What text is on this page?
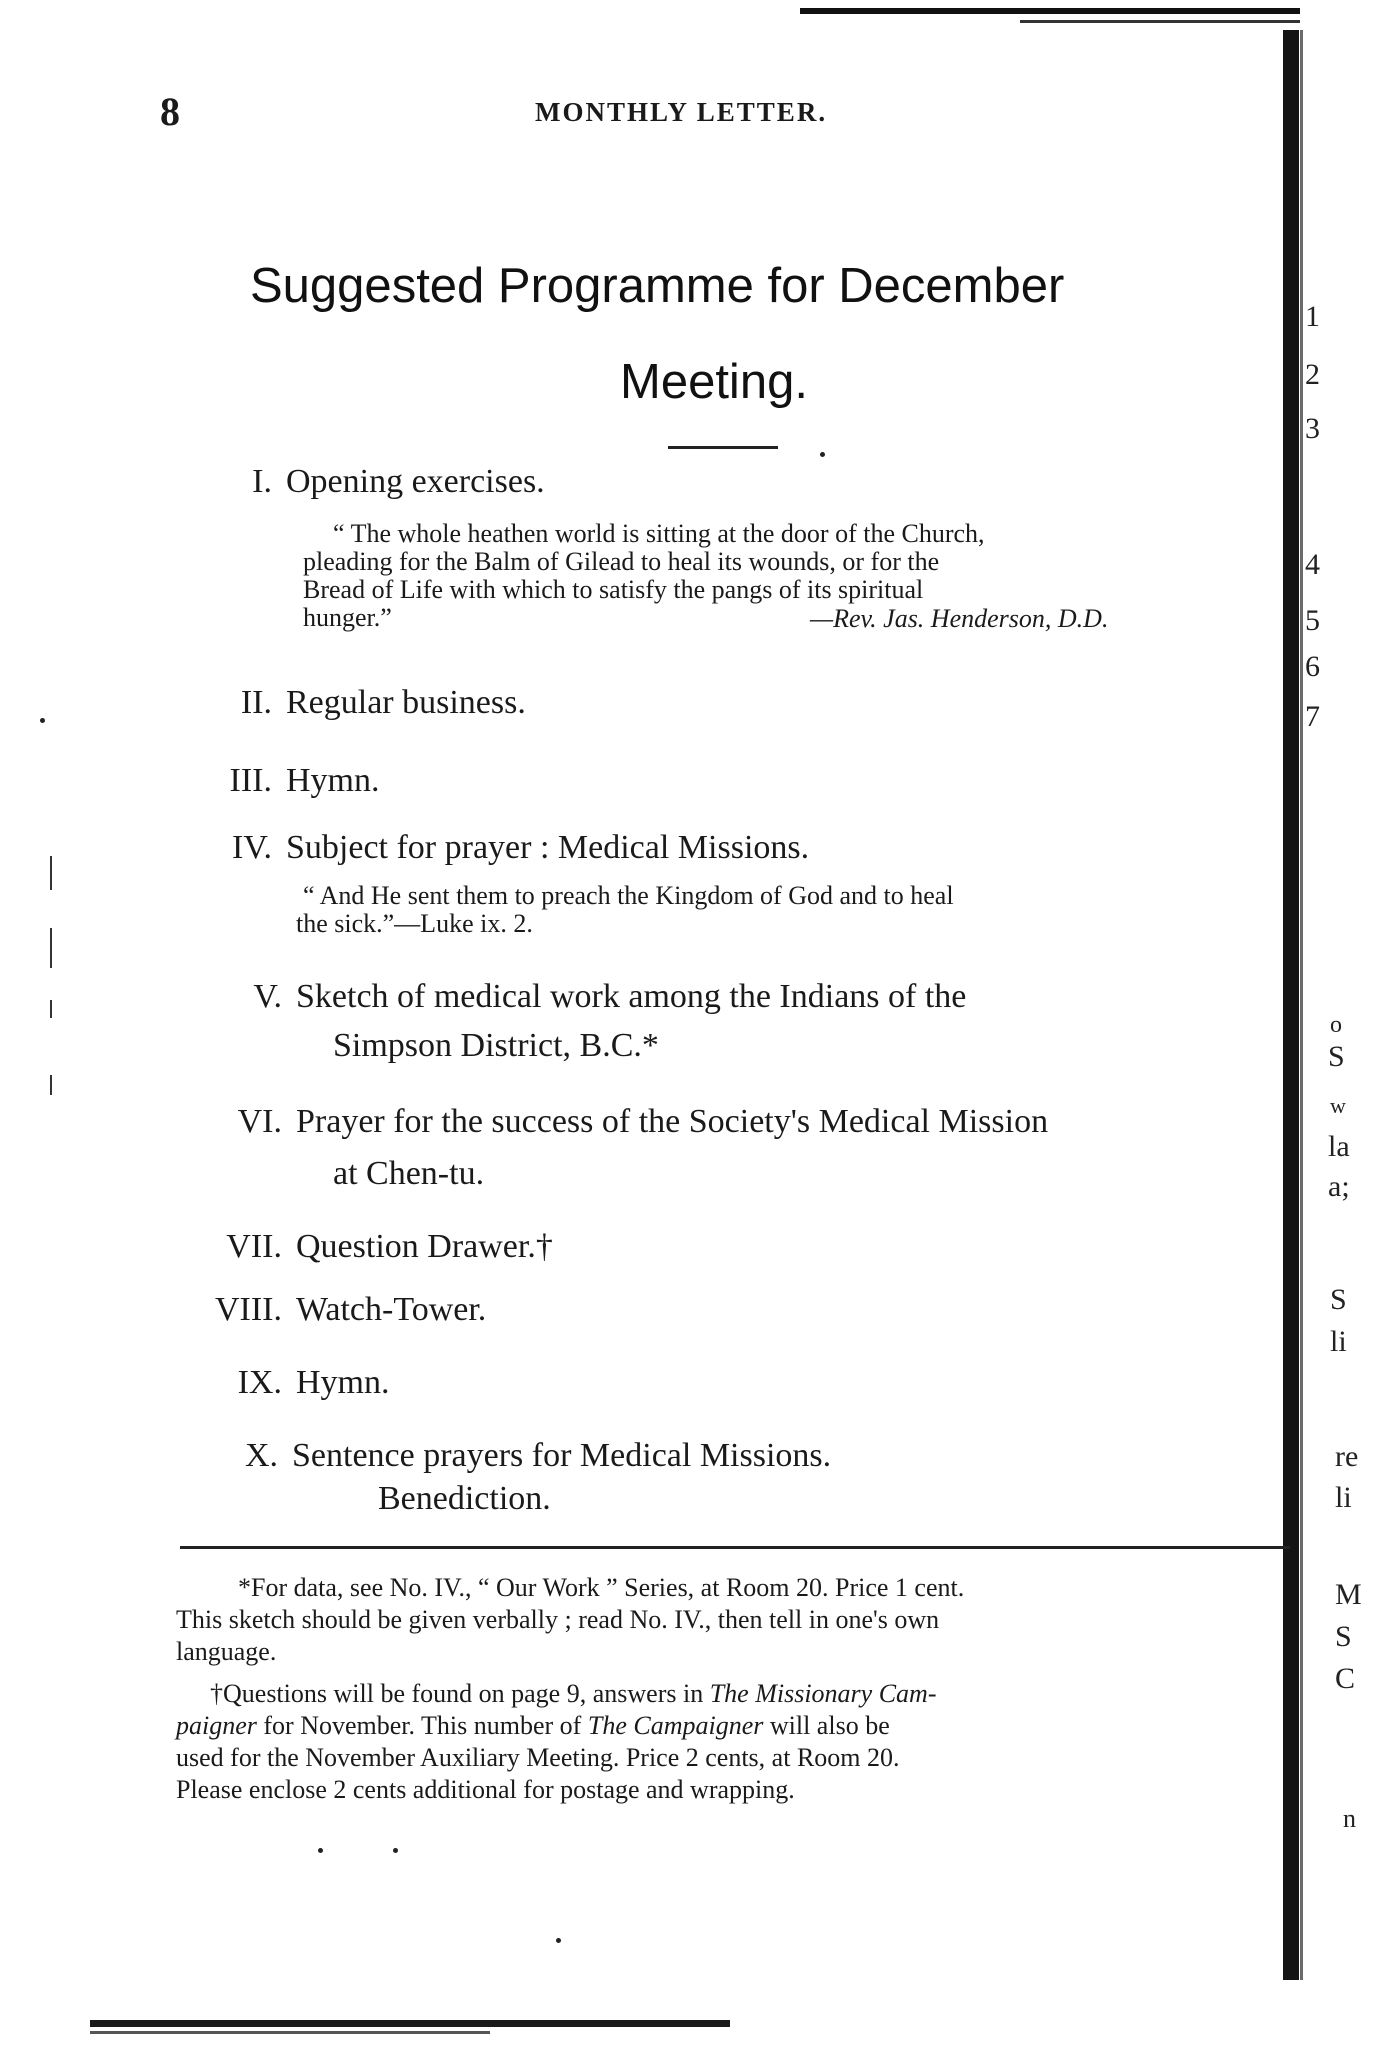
8	MONTHLY LETTER.
Suggested Programme for December
Meeting.
I. Opening exercises.
“ The whole heathen world is sitting at the door of the Church,
pleading for the Balm of Gilead to heal its wounds, or for the
Bread of Life with which to satisfy the pangs of its spiritual
hunger.”	—Rev. Jas. Henderson, D.D.
II. Regular business.
III. Hymn.
IV. Subject for prayer : Medical Missions.
“ And He sent them to preach the Kingdom of God and to heal
the sick.”—Luke ix. 2.
V. Sketch of medical work among the Indians of the
Simpson District, B.C.*
VI. Prayer for the success of the Society's Medical Mission
at Chen-tu.
VII. Question Drawer.†
VIII. Watch-Tower.
IX. Hymn.
X. Sentence prayers for Medical Missions.
Benediction.
*For data, see No. IV., “ Our Work ” Series, at Room 20. Price 1 cent.
This sketch should be given verbally ; read No. IV., then tell in one's own
language.
†Questions will be found on page 9, answers in The Missionary Cam-
paigner for November. This number of The Campaigner will also be
used for the November Auxiliary Meeting. Price 2 cents, at Room 20.
Please enclose 2 cents additional for postage and wrapping.
1
2
3
4
5
6
7
o
S
w
la
a;
S
li
re
li
M
S
C
n
